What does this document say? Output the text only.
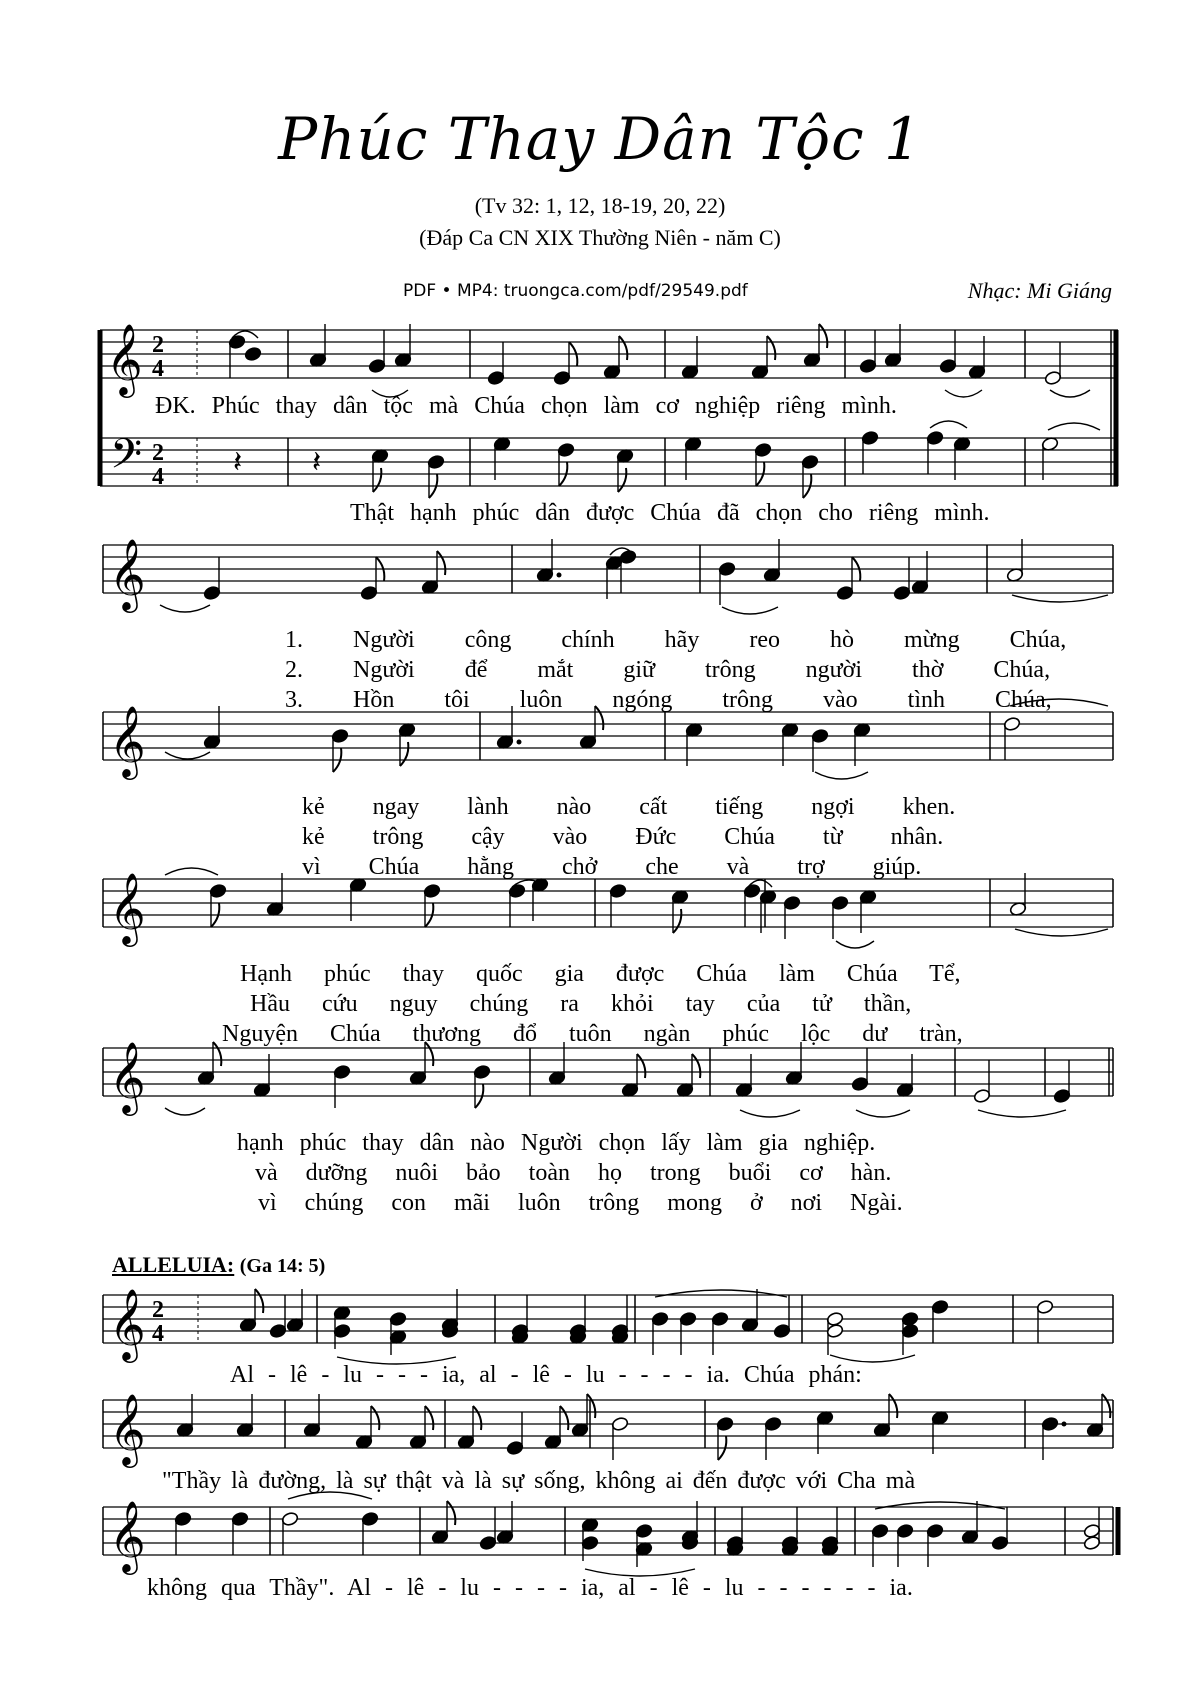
Phúc Thay Dân Tộc 1
(Tv 32: 1, 12, 18-19, 20, 22)
(Đáp Ca CN XIX Thường Niên - năm C)
PDF • MP4: truongca.com/pdf/29549.pdf	Nhạc: Mi Giáng
𝄞
𝄢
2
4
2
4 𝄽 𝄽
𝄞
𝄞
𝄞
𝄞
𝄞 2
4
𝄞
𝄞
ĐK. Phúc thay dân tộc mà Chúa chọn làm cơ nghiệp riêng mình.
Thật hạnh phúc dân được Chúa đã chọn cho riêng mình.
1. Người công chính hãy reo hò mừng Chúa,
2. Người để mắt giữ trông người thờ Chúa,
3. Hồn tôi luôn ngóng trông vào tình Chúa,
kẻ ngay lành nào cất tiếng ngợi khen.
kẻ trông cậy vào Đức Chúa từ nhân.
vì Chúa hằng chở che và trợ giúp.
Hạnh phúc thay quốc gia được Chúa làm Chúa Tể,
Hầu cứu nguy chúng ra khỏi tay của tử thần,
Nguyện Chúa thương đổ tuôn ngàn phúc lộc dư tràn,
hạnh phúc thay dân nào Người chọn lấy làm gia nghiệp.
và dưỡng nuôi bảo toàn họ trong buổi cơ hàn.
vì chúng con mãi luôn trông mong ở nơi Ngài.
ALLELUIA: (Ga 14: 5)
Al - lê - lu - - - ia, al - lê - lu - - - - ia. Chúa phán:
"Thầy là đường, là sự thật và là sự sống, không ai đến được với Cha mà
không qua Thầy". Al - lê - lu - - - - ia, al - lê - lu - - - - - - ia.
